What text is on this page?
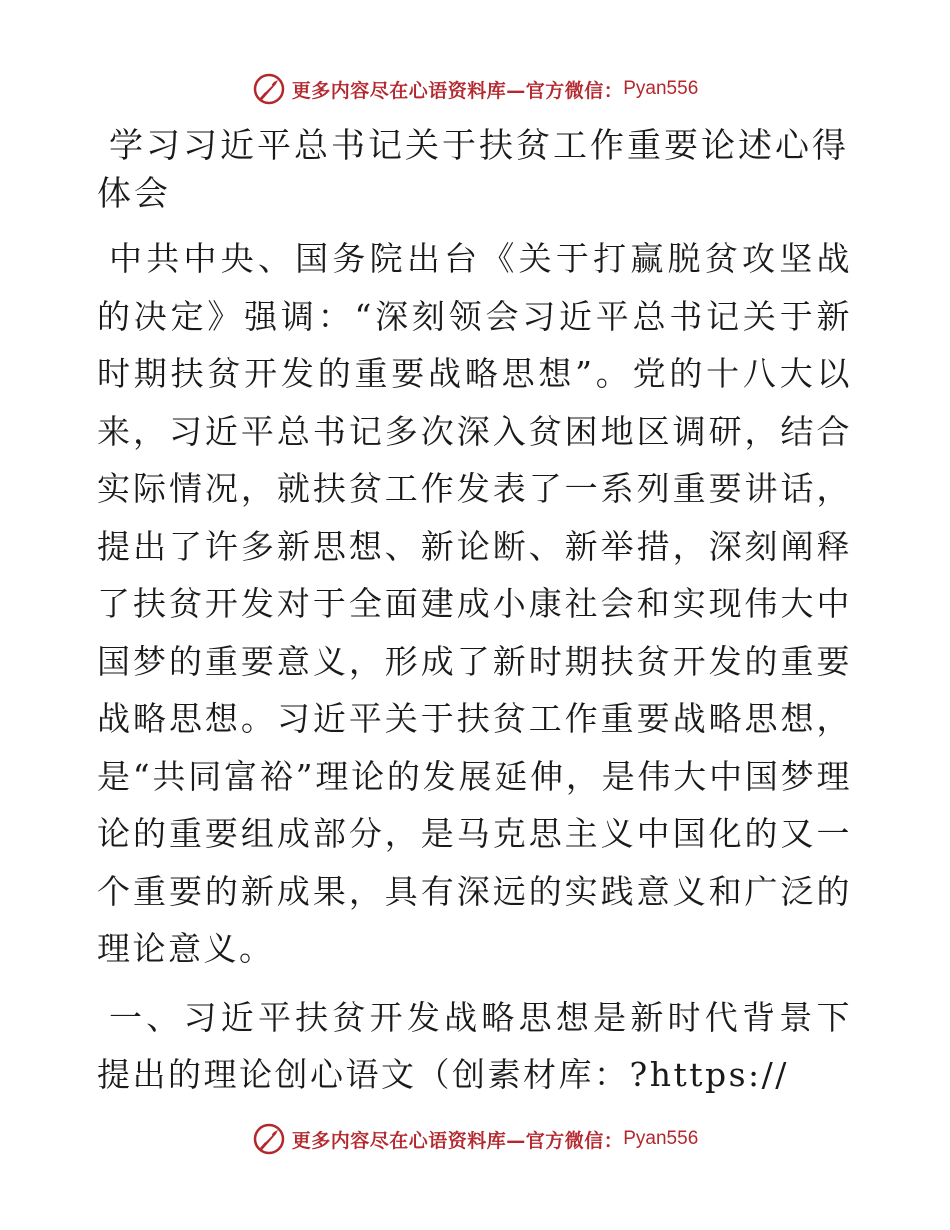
更多内容尽在心语资料库 —官方微信： Pyan556
学习习近平总书记关于扶贫工作重要论述心得体会

中共中央、国务院出台《关于打赢脱贫攻坚战的决定》强调：“深刻领会习近平总书记关于新时期扶贫开发的重要战略思想”。党的十八大以来，习近平总书记多次深入贫困地区调研，结合实际情况，就扶贫工作发表了一系列重要讲话，提出了许多新思想、新论断、新举措，深刻阐释了扶贫开发对于全面建成小康社会和实现伟大中国梦的重要意义，形成了新时期扶贫开发的重要战略思想。习近平关于扶贫工作重要战略思想，是“共同富裕”理论的发展延伸，是伟大中国梦理论的重要组成部分，是马克思主义中国化的又一个重要的新成果，具有深远的实践意义和广泛的理论意义。

一、习近平扶贫开发战略思想是新时代背景下提出的理论创心语文（创素材库：?https://

更多内容尽在心语资料库 —官方微信： Pyan556
